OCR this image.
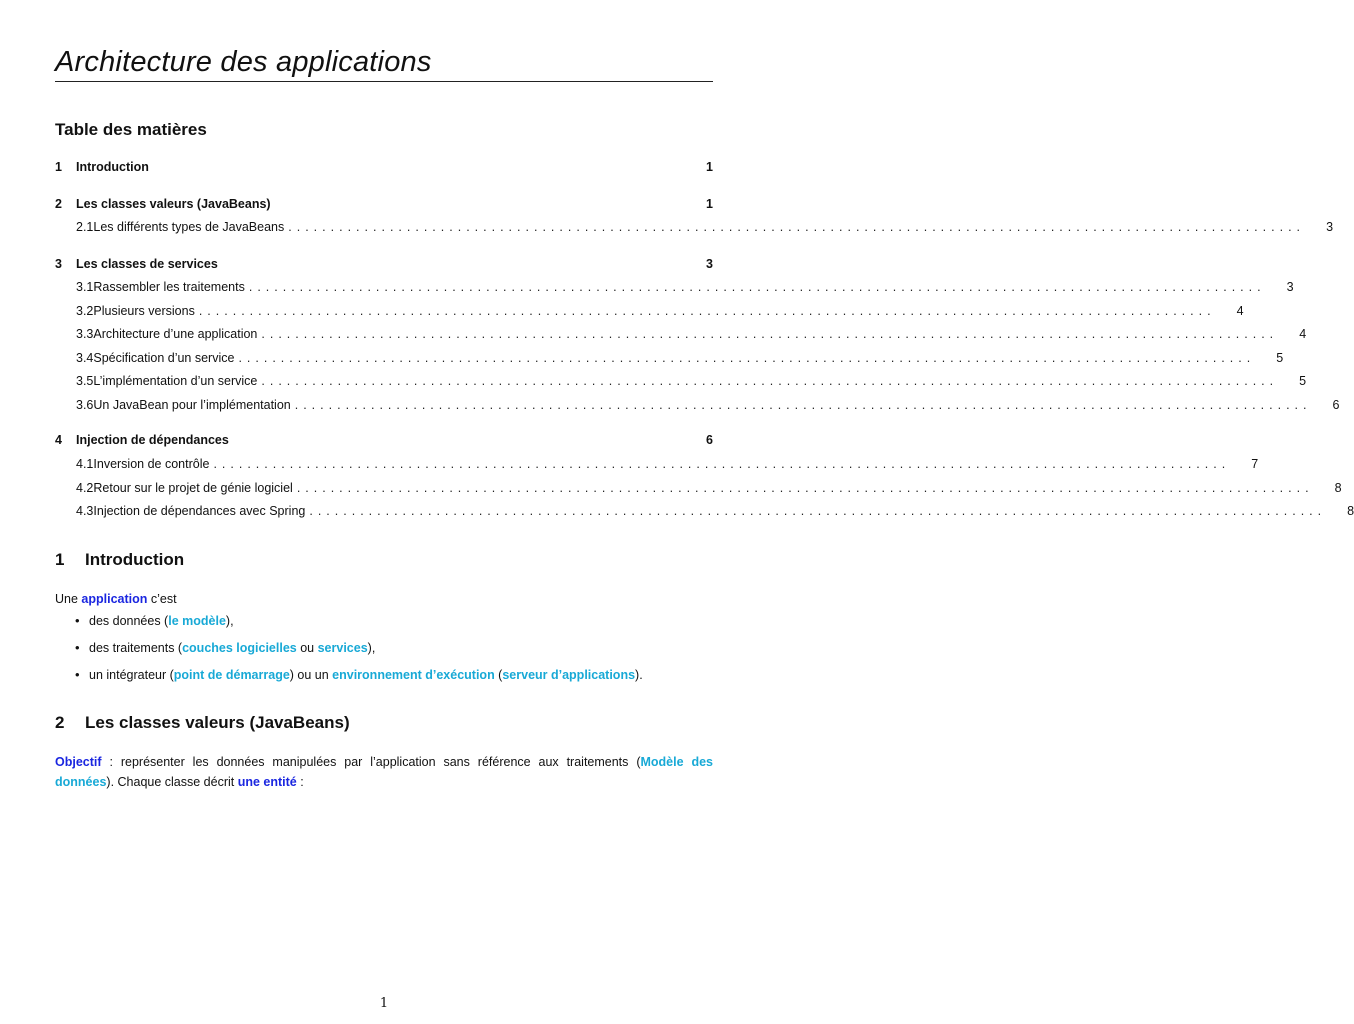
Architecture des applications
Table des matières
1	Introduction	1
2	Les classes valeurs (JavaBeans)	1
2.1 Les différents types de JavaBeans ........................................................................................................................ 3
3	Les classes de services	3
3.1 Rassembler les traitements ........................................................................................................................ 3
3.2 Plusieurs versions ........................................................................................................................ 4
3.3 Architecture d’une application ........................................................................................................................ 4
3.4 Spécification d’un service ........................................................................................................................ 5
3.5 L’implémentation d’un service ........................................................................................................................ 5
3.6 Un JavaBean pour l’implémentation ........................................................................................................................ 6
4	Injection de dépendances	6
4.1 Inversion de contrôle ........................................................................................................................ 7
4.2 Retour sur le projet de génie logiciel ........................................................................................................................ 8
4.3 Injection de dépendances avec Spring ........................................................................................................................ 8
1 Introduction
Une application c’est
• des données (le modèle),
• des traitements (couches logicielles ou services),
• un intégrateur (point de démarrage) ou un environnement d’exécution (serveur d’applications).
2 Les classes valeurs (JavaBeans)
Objectif : représenter les données manipulées par l’application sans référence aux traitements (Modèle des données). Chaque classe décrit une entité :
1
